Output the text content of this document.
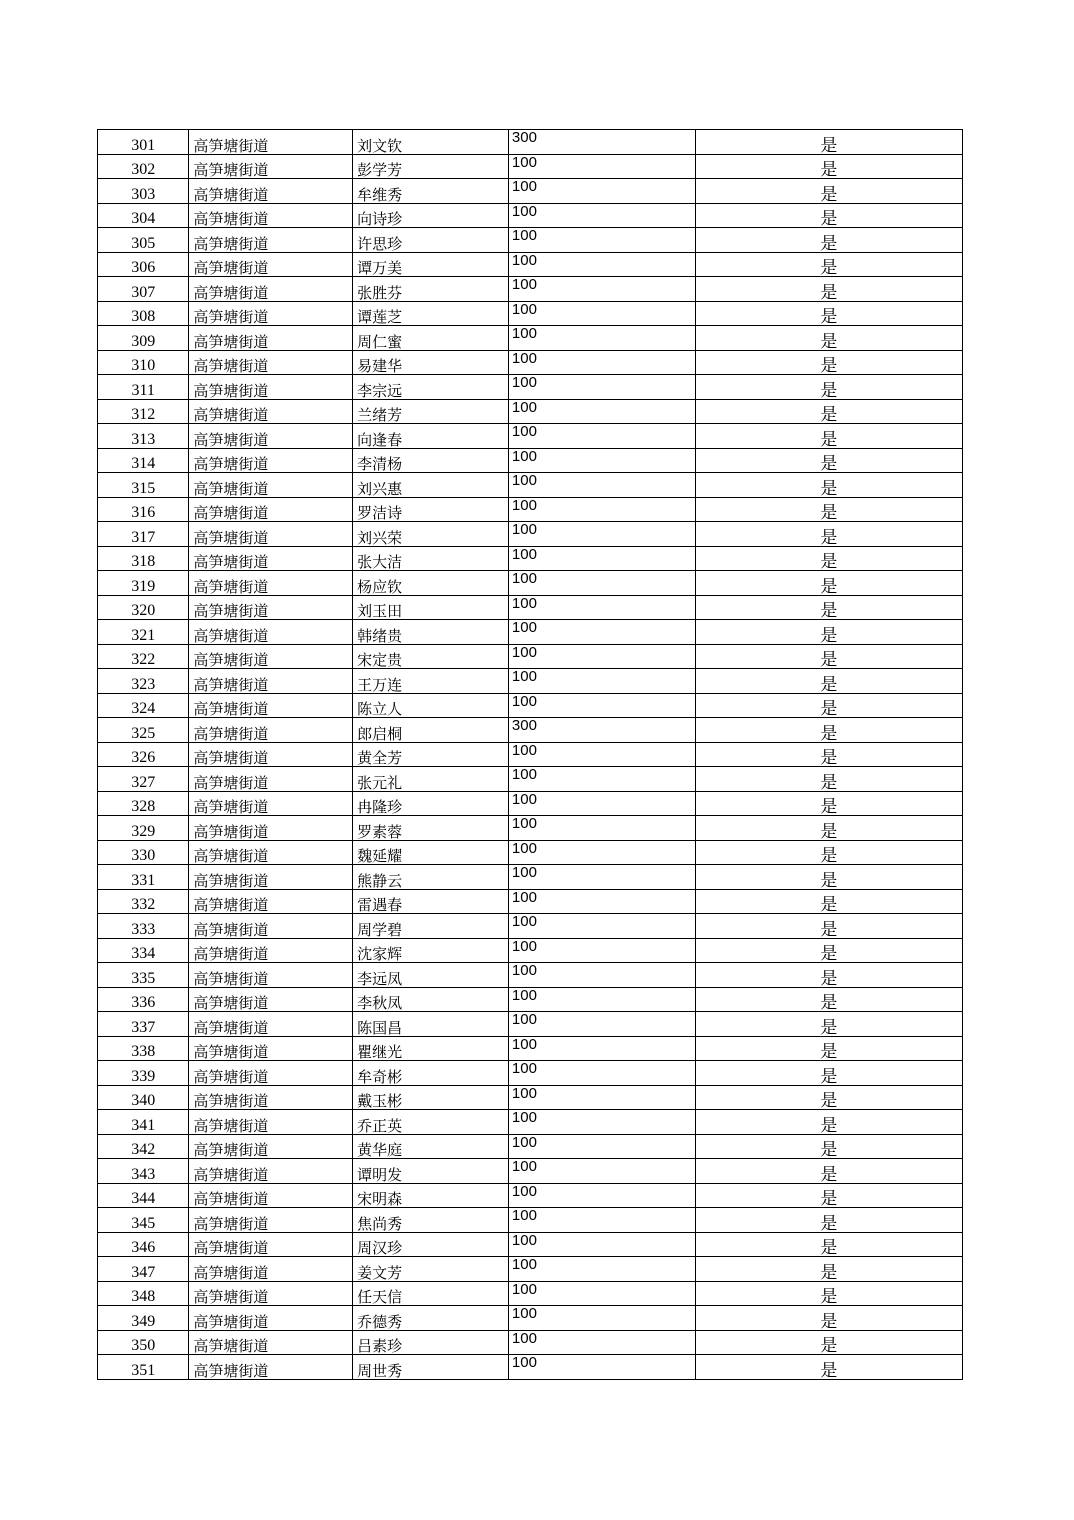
301	高笋塘街道	刘文钦	300	是
302	高笋塘街道	彭学芳	100	是
303	高笋塘街道	牟维秀	100	是
304	高笋塘街道	向诗珍	100	是
305	高笋塘街道	许思珍	100	是
306	高笋塘街道	谭万美	100	是
307	高笋塘街道	张胜芬	100	是
308	高笋塘街道	谭莲芝	100	是
309	高笋塘街道	周仁蜜	100	是
310	高笋塘街道	易建华	100	是
311	高笋塘街道	李宗远	100	是
312	高笋塘街道	兰绪芳	100	是
313	高笋塘街道	向逢春	100	是
314	高笋塘街道	李清杨	100	是
315	高笋塘街道	刘兴惠	100	是
316	高笋塘街道	罗洁诗	100	是
317	高笋塘街道	刘兴荣	100	是
318	高笋塘街道	张大洁	100	是
319	高笋塘街道	杨应钦	100	是
320	高笋塘街道	刘玉田	100	是
321	高笋塘街道	韩绪贵	100	是
322	高笋塘街道	宋定贵	100	是
323	高笋塘街道	王万连	100	是
324	高笋塘街道	陈立人	100	是
325	高笋塘街道	郎启桐	300	是
326	高笋塘街道	黄全芳	100	是
327	高笋塘街道	张元礼	100	是
328	高笋塘街道	冉隆珍	100	是
329	高笋塘街道	罗素蓉	100	是
330	高笋塘街道	魏延耀	100	是
331	高笋塘街道	熊静云	100	是
332	高笋塘街道	雷遇春	100	是
333	高笋塘街道	周学碧	100	是
334	高笋塘街道	沈家辉	100	是
335	高笋塘街道	李远凤	100	是
336	高笋塘街道	李秋凤	100	是
337	高笋塘街道	陈国昌	100	是
338	高笋塘街道	瞿继光	100	是
339	高笋塘街道	牟奇彬	100	是
340	高笋塘街道	戴玉彬	100	是
341	高笋塘街道	乔正英	100	是
342	高笋塘街道	黄华庭	100	是
343	高笋塘街道	谭明发	100	是
344	高笋塘街道	宋明森	100	是
345	高笋塘街道	焦尚秀	100	是
346	高笋塘街道	周汉珍	100	是
347	高笋塘街道	姜文芳	100	是
348	高笋塘街道	任天信	100	是
349	高笋塘街道	乔德秀	100	是
350	高笋塘街道	吕素珍	100	是
351	高笋塘街道	周世秀	100	是
